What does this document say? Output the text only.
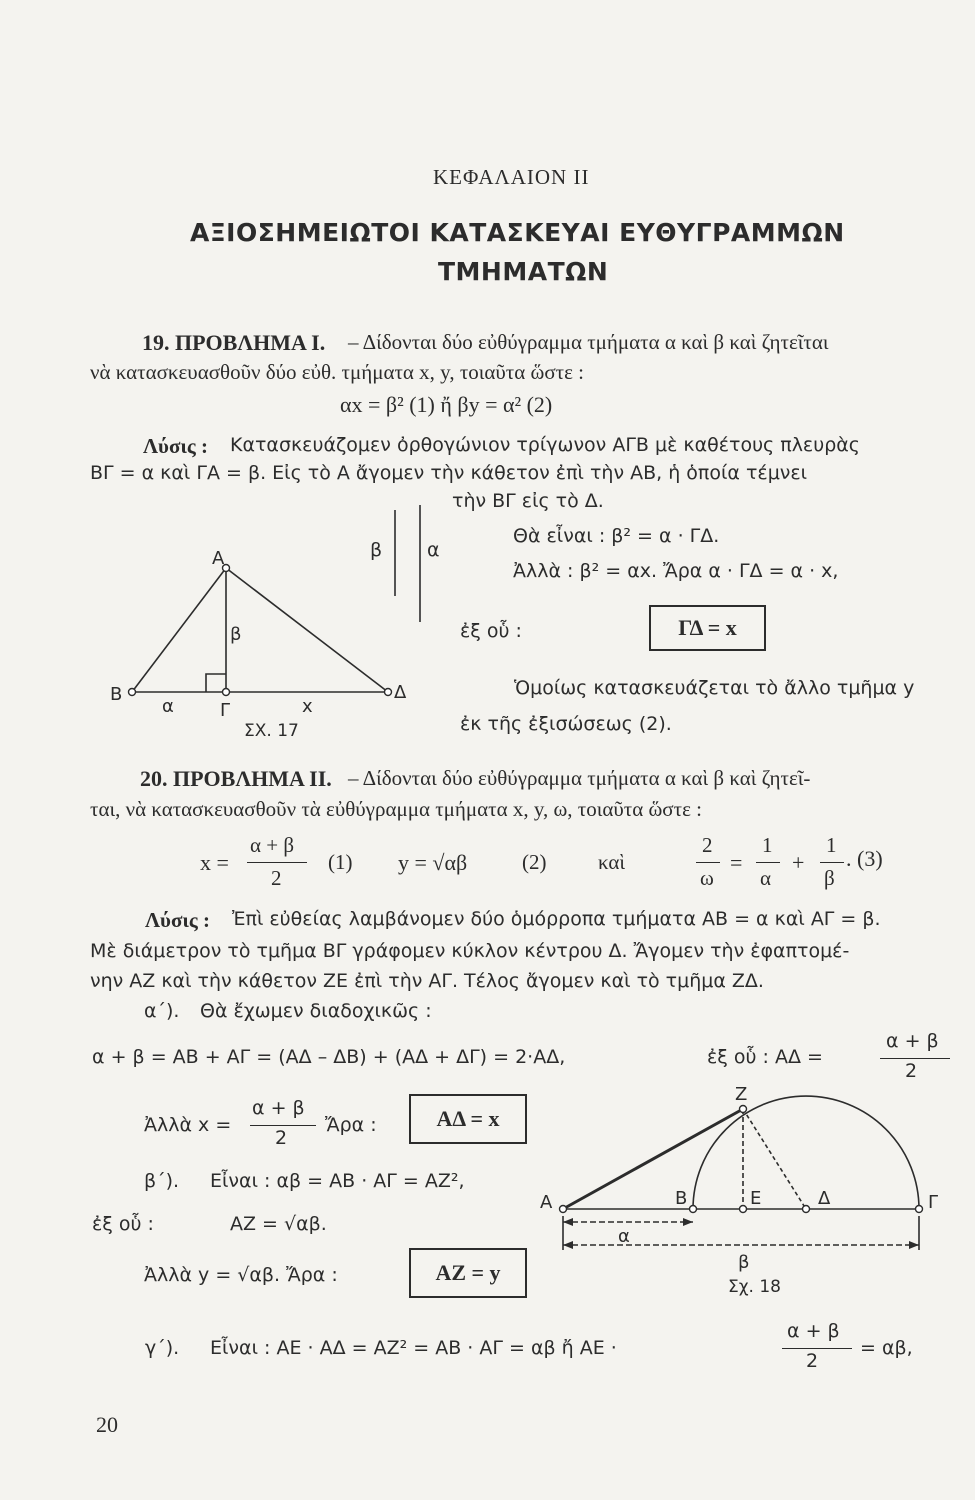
ΚΕΦΑΛΑΙΟΝ ΙΙ
ΑΞΙΟΣΗΜΕΙΩΤΟΙ ΚΑΤΑΣΚΕΥΑΙ ΕΥΘΥΓΡΑΜΜΩΝ
ΤΜΗΜΑΤΩΝ
19. ΠΡΟΒΛΗΜΑ Ι. – Δίδονται δύο εὐθύγραμμα τμήματα α καὶ β καὶ ζητεῖται
νὰ κατασκευασθοῦν δύο εὐθ. τμήματα x, y, τοιαῦτα ὥστε :
αx = β² (1) ἤ βy = α² (2)
Λύσις : Κατασκευάζομεν ὀρθογώνιον τρίγωνον ΑΓΒ μὲ καθέτους πλευρὰς
ΒΓ = α καὶ ΓΑ = β. Εἰς τὸ Α ἄγομεν τὴν κάθετον ἐπὶ τὴν ΑΒ, ἡ ὁποία τέμνει
τὴν ΒΓ εἰς τὸ Δ.
Θὰ εἶναι : β² = α · ΓΔ.
Ἀλλὰ : β² = αx. Ἄρα α · ΓΔ = α · x,
ἐξ οὗ :	ΓΔ = x
Ὁμοίως κατασκευάζεται τὸ ἄλλο τμῆμα y
ἐκ τῆς ἐξισώσεως (2).
β α
Α
Β
Γ
Δ
β
α	x
ΣΧ. 17
20. ΠΡΟΒΛΗΜΑ ΙΙ. – Δίδονται δύο εὐθύγραμμα τμήματα α καὶ β καὶ ζητεῖ-
ται, νὰ κατασκευασθοῦν τὰ εὐθύγραμμα τμήματα x, y, ω, τοιαῦτα ὥστε :
x =
α + β
2
(1) y = √αβ	(2) καὶ
2
ω
=
1
α
+
1
β
. (3)
Λύσις : Ἐπὶ εὐθείας λαμβάνομεν δύο ὁμόρροπα τμήματα ΑΒ = α καὶ ΑΓ = β.
Μὲ διάμετρον τὸ τμῆμα ΒΓ γράφομεν κύκλον κέντρου Δ. Ἄγομεν τὴν ἐφαπτομέ-
νην ΑΖ καὶ τὴν κάθετον ΖΕ ἐπὶ τὴν ΑΓ. Τέλος ἄγομεν καὶ τὸ τμῆμα ΖΔ.
α΄). Θὰ ἔχωμεν διαδοχικῶς :
α + β = ΑΒ + ΑΓ = (ΑΔ – ΔΒ) + (ΑΔ + ΔΓ) = 2·ΑΔ,	ἐξ οὗ : ΑΔ =
α + β
2
Ἀλλὰ x =
α + β
2
Ἄρα :	ΑΔ = x
β΄). Εἶναι : αβ = ΑΒ · ΑΓ = ΑΖ²,
ἐξ οὗ :	ΑΖ = √αβ.
Ἀλλὰ y = √αβ. Ἄρα :	ΑΖ = y
γ΄). Εἶναι : ΑΕ · ΑΔ = ΑΖ² = ΑΒ · ΑΓ = αβ ἤ ΑΕ ·
α + β
2
= αβ,
Α	Β	Ε	Δ	Γ
Ζ
α
β
Σχ. 18
20
